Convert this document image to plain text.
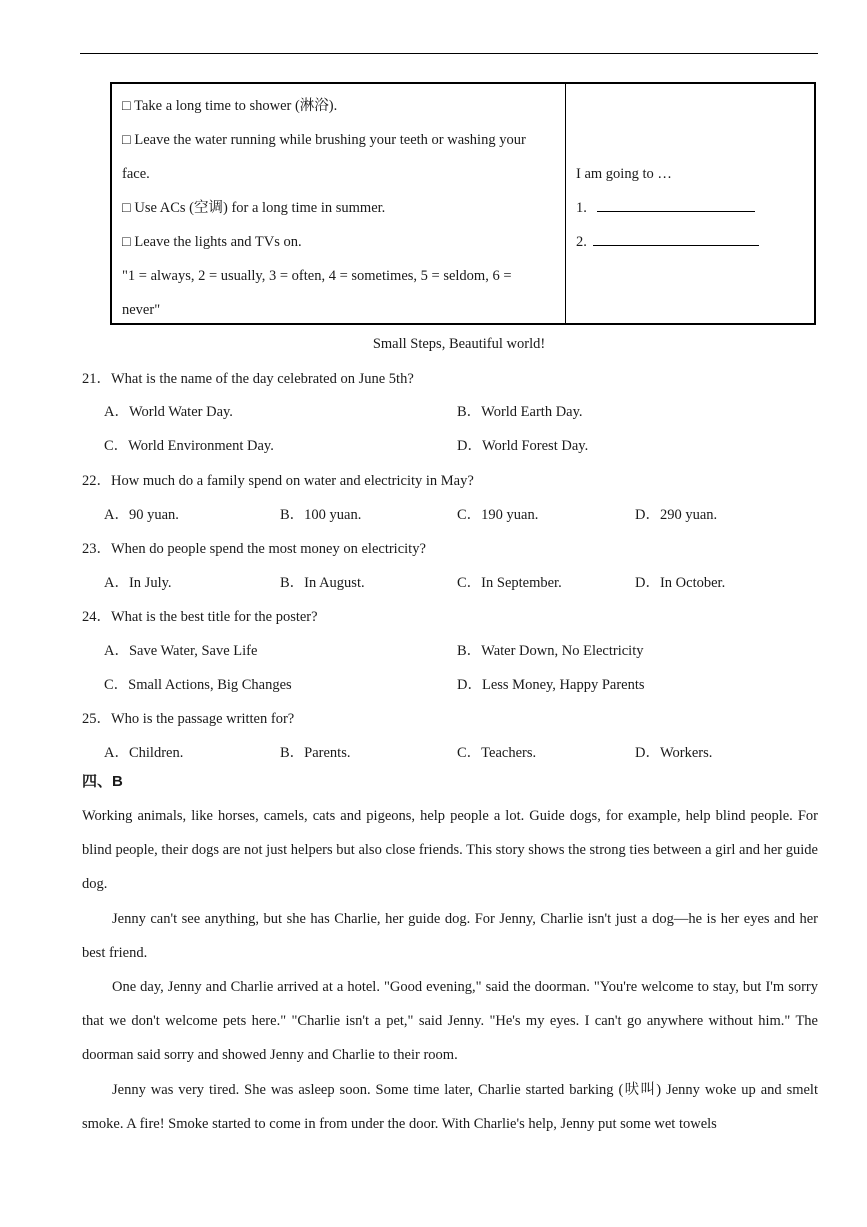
□ Take a long time to shower (淋浴).
□ Leave the water running while brushing your teeth or washing your
face.
□ Use ACs (空调) for a long time in summer.
□ Leave the lights and TVs on.
"1 = always, 2 = usually, 3 = often, 4 = sometimes, 5 = seldom, 6 =
never"
I am going to …
1.
2.
Small Steps, Beautiful world!
21．What is the name of the day celebrated on June 5th?
A．World Water Day.	B．World Earth Day.
C．World Environment Day.	D．World Forest Day.
22．How much do a family spend on water and electricity in May?
A．90 yuan.	B．100 yuan.	C．190 yuan.	D．290 yuan.
23．When do people spend the most money on electricity?
A．In July.	B．In August.	C．In September.	D．In October.
24．What is the best title for the poster?
A．Save Water, Save Life	B．Water Down, No Electricity
C．Small Actions, Big Changes	D．Less Money, Happy Parents
25．Who is the passage written for?
A．Children.	B．Parents.	C．Teachers.	D．Workers.
四、B

Working animals, like horses, camels, cats and pigeons, help people a lot. Guide dogs, for example, help blind people. For blind people, their dogs are not just helpers but also close friends. This story shows the strong ties between a girl and her guide dog.

Jenny can't see anything, but she has Charlie, her guide dog. For Jenny, Charlie isn't just a dog—he is her eyes and her best friend.

One day, Jenny and Charlie arrived at a hotel. "Good evening," said the doorman. "You're welcome to stay, but I'm sorry that we don't welcome pets here." "Charlie isn't a pet," said Jenny. "He's my eyes. I can't go anywhere without him." The doorman said sorry and showed Jenny and Charlie to their room.

Jenny was very tired. She was asleep soon. Some time later, Charlie started barking (吠叫) Jenny woke up and smelt smoke. A fire! Smoke started to come in from under the door. With Charlie's help, Jenny put some wet towels
